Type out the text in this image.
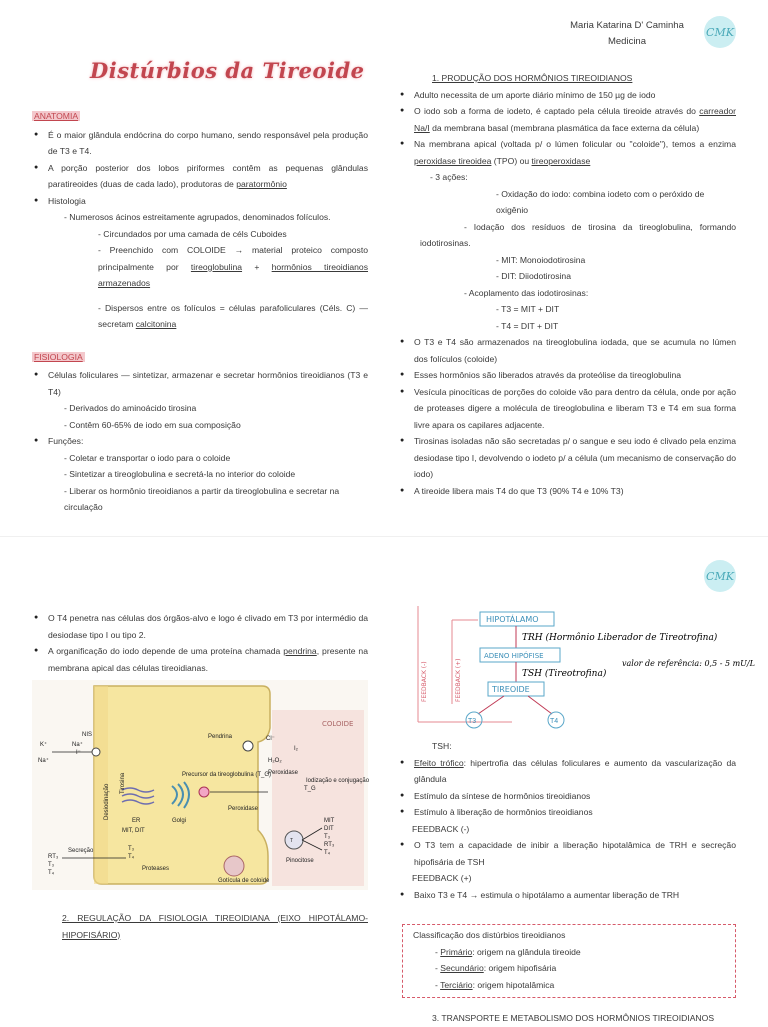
Maria Katarina D' Caminha
Medicina
CMK
Distúrbios da Tireoide
ANATOMIA
● É o maior glândula endócrina do corpo humano, sendo responsável pela produção de T3 e T4.
● A porção posterior dos lobos piriformes contêm as pequenas glândulas paratireoides (duas de cada lado), produtoras de paratormônio
● Histologia
- Numerosos ácinos estreitamente agrupados, denominados folículos.
- Circundados por uma camada de céls Cuboides
- Preenchido com COLOIDE → material proteico composto principalmente por tireoglobulina + hormônios tireoidianos armazenados
- Dispersos entre os folículos = células parafoliculares (Céls. C) — secretam calcitonina
FISIOLOGIA
● Células foliculares — sintetizar, armazenar e secretar hormônios tireoidianos (T3 e T4)
- Derivados do aminoácido tirosina
- Contêm 60-65% de iodo em sua composição
● Funções:
- Coletar e transportar o iodo para o coloide
- Sintetizar a tireoglobulina e secretá-la no interior do coloide
- Liberar os hormônio tireoidianos a partir da tireoglobulina e secretar na circulação
1. PRODUÇÃO DOS HORMÔNIOS TIREOIDIANOS
● Adulto necessita de um aporte diário mínimo de 150 µg de iodo
● O iodo sob a forma de iodeto, é captado pela célula tireoide através do carreador Na/I da membrana basal (membrana plasmática da face externa da célula)
● Na membrana apical (voltada p/ o lúmen folicular ou "coloide"), temos a enzima peroxidase tireoidea (TPO) ou tireoperoxidase
- 3 ações:
- Oxidação do iodo: combina iodeto com o peróxido de oxigênio
- Iodação dos resíduos de tirosina da tireoglobulina, formando iodotirosinas.
- MIT: Monoiodotirosina
- DIT: Diiodotirosina
- Acoplamento das iodotirosinas:
- T3 = MIT + DIT
- T4 = DIT + DIT
● O T3 e T4 são armazenados na tireoglobulina iodada, que se acumula no lúmen dos folículos (coloide)
● Esses hormônios são liberados através da proteólise da tireoglobulina
● Vesícula pinocíticas de porções do coloide vão para dentro da célula, onde por ação de proteases digere a molécula de tireoglobulina e liberam T3 e T4 em sua forma livre apara os capilares adjacente.
● Tirosinas isoladas não são secretadas p/ o sangue e seu iodo é clivado pela enzima desiodase tipo I, devolvendo o iodeto p/ a célula (um mecanismo de conservação do iodo)
● A tireoide libera mais T4 do que T3 (90% T4 e 10% T3)
CMK
● O T4 penetra nas células dos órgãos-alvo e logo é clivado em T3 por intermédio da desiodase tipo I ou tipo 2.
● A organificação do iodo depende de uma proteína chamada pendrina, presente na membrana apical das células tireoidianas.
COLOIDE
Na⁺
K⁺
NIS
I⁻
Na⁺
Pendrina	Cl⁻
I₂
H₂O₂
Peroxidase
Iodização e conjugação
T_G
Precursor da tireoglobulina (T_G)
ER	Golgi
Desiodinação
Tirosina
Peroxidase
MIT, DIT
RT₃
T₃
T₄
Secreção	T₃
T₄
Proteases
Gotícula de coloide
T
Pinocitose
MIT
DIT
T₃
RT₃
T₄
2. REGULAÇÃO DA FISIOLOGIA TIREOIDIANA (EIXO HIPOTÁLAMO-HIPOFISÁRIO)
FEEDBACK (-)	FEEDBACK (+)
HIPOTÁLAMO
TRH (Hormônio Liberador de Tireotrofina)
ADENO HIPÓFISE
TSH (Tireotrofina)
valor de referência: 0,5 - 5 mU/L
TIREOIDE
T3	T4
TSH:
● Efeito trófico: hipertrofia das células foliculares e aumento da vascularização da glândula
● Estímulo da síntese de hormônios tireoidianos
● Estímulo à liberação de hormônios tireoidianos
FEEDBACK (-)
● O T3 tem a capacidade de inibir a liberação hipotalâmica de TRH e secreção hipofisária de TSH
FEEDBACK (+)
● Baixo T3 e T4 → estimula o hipotálamo a aumentar liberação de TRH
Classificação dos distúrbios tireoidianos
- Primário: origem na glândula tireoide
- Secundário: origem hipofisária
- Terciário: origem hipotalâmica
3. TRANSPORTE E METABOLISMO DOS HORMÔNIOS TIREOIDIANOS
